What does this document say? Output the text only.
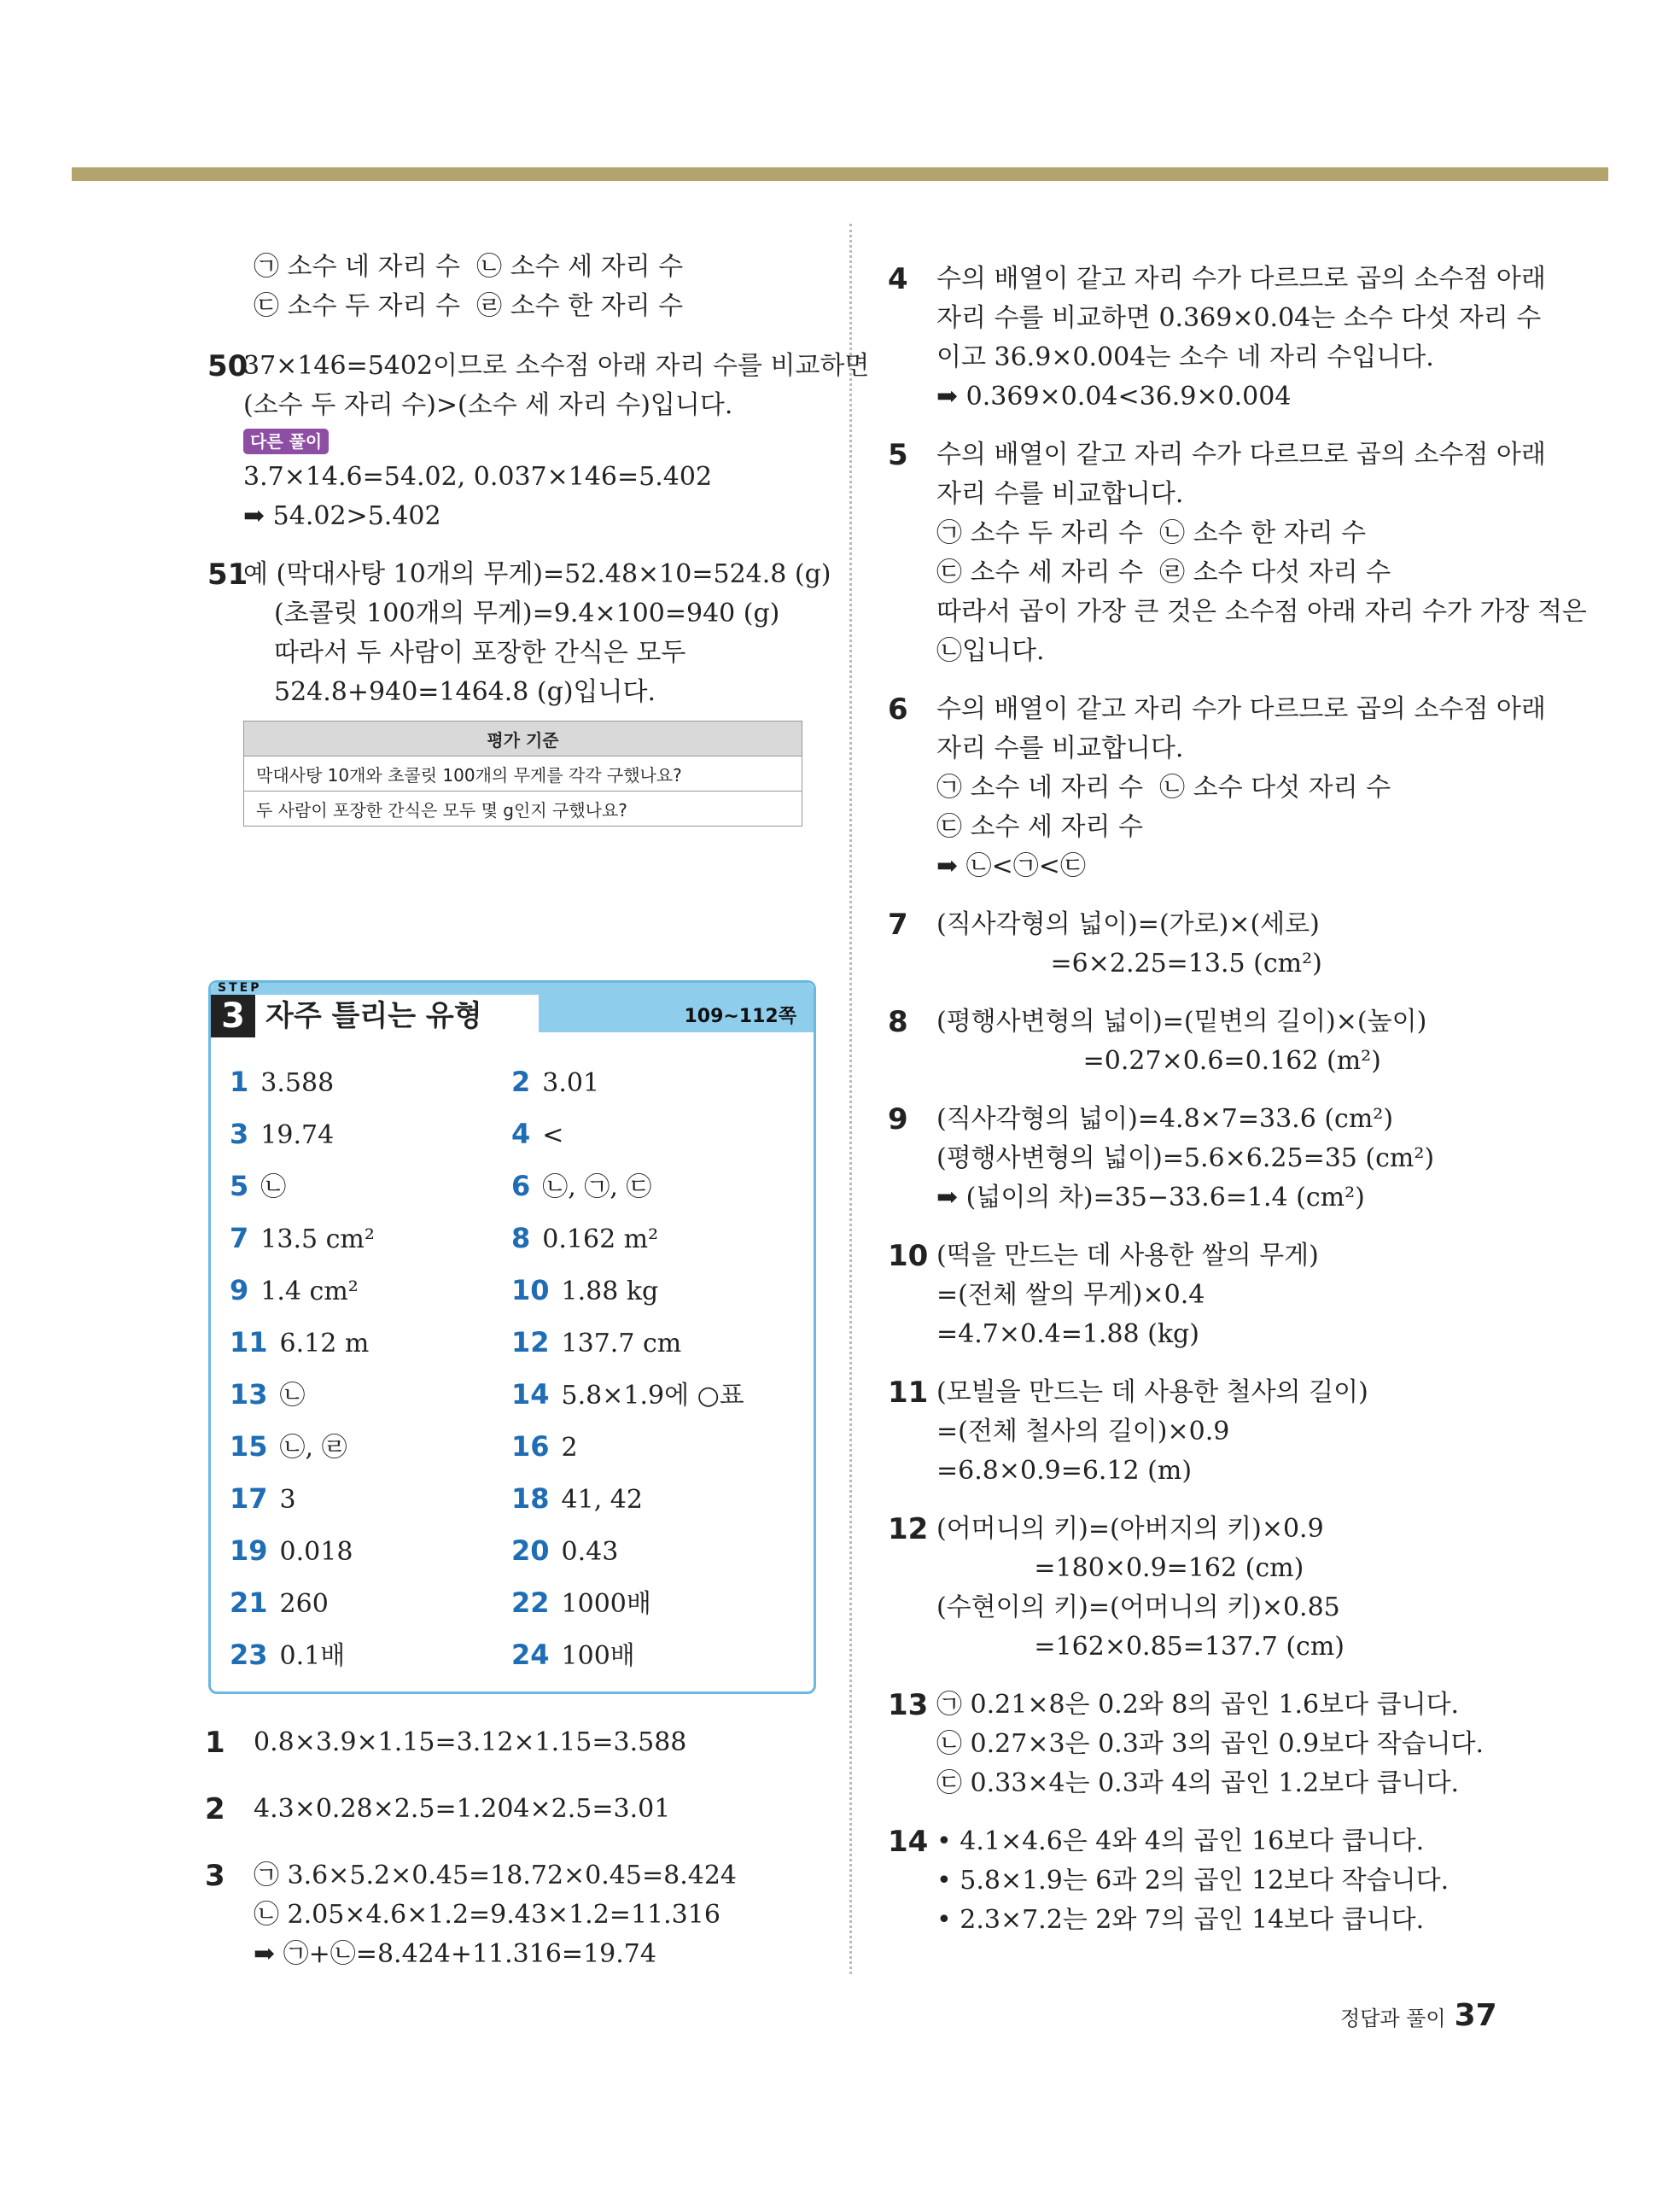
㉠ 소수 네 자리 수  ㉡ 소수 세 자리 수
㉢ 소수 두 자리 수  ㉣ 소수 한 자리 수
50
37×146=5402이므로 소수점 아래 자리 수를 비교하면
(소수 두 자리 수)>(소수 세 자리 수)입니다.
다른 풀이
3.7×14.6=54.02, 0.037×146=5.402
➡ 54.02>5.402
51
예 (막대사탕 10개의 무게)=52.48×10=524.8 (g)
(초콜릿 100개의 무게)=9.4×100=940 (g)
따라서 두 사람이 포장한 간식은 모두
524.8+940=1464.8 (g)입니다.
평가 기준
막대사탕 10개와 초콜릿 100개의 무게를 각각 구했나요?
두 사람이 포장한 간식은 모두 몇 g인지 구했나요?
STEP
3 자주 틀리는 유형	109~112쪽
1 3.588	2 3.01
3 19.74	4 <
5 ㉡	6 ㉡, ㉠, ㉢
7 13.5 cm²	8 0.162 m²
9 1.4 cm²	10 1.88 kg
11 6.12 m	12 137.7 cm
13 ㉡	14 5.8×1.9에 ○표
15 ㉡, ㉣	16 2
17 3	18 41, 42
19 0.018	20 0.43
21 260	22 1000배
23 0.1배	24 100배
1 0.8×3.9×1.15=3.12×1.15=3.588
2 4.3×0.28×2.5=1.204×2.5=3.01
3 ㉠ 3.6×5.2×0.45=18.72×0.45=8.424
㉡ 2.05×4.6×1.2=9.43×1.2=11.316
➡ ㉠+㉡=8.424+11.316=19.74
4 수의 배열이 같고 자리 수가 다르므로 곱의 소수점 아래
자리 수를 비교하면 0.369×0.04는 소수 다섯 자리 수
이고 36.9×0.004는 소수 네 자리 수입니다.
➡ 0.369×0.04<36.9×0.004
5 수의 배열이 같고 자리 수가 다르므로 곱의 소수점 아래
자리 수를 비교합니다.
㉠ 소수 두 자리 수  ㉡ 소수 한 자리 수
㉢ 소수 세 자리 수  ㉣ 소수 다섯 자리 수
따라서 곱이 가장 큰 것은 소수점 아래 자리 수가 가장 적은
㉡입니다.
6 수의 배열이 같고 자리 수가 다르므로 곱의 소수점 아래
자리 수를 비교합니다.
㉠ 소수 네 자리 수  ㉡ 소수 다섯 자리 수
㉢ 소수 세 자리 수
➡ ㉡<㉠<㉢
7 (직사각형의 넓이)=(가로)×(세로)
=6×2.25=13.5 (cm²)
8 (평행사변형의 넓이)=(밑변의 길이)×(높이)
=0.27×0.6=0.162 (m²)
9 (직사각형의 넓이)=4.8×7=33.6 (cm²)
(평행사변형의 넓이)=5.6×6.25=35 (cm²)
➡ (넓이의 차)=35−33.6=1.4 (cm²)
10 (떡을 만드는 데 사용한 쌀의 무게)
=(전체 쌀의 무게)×0.4
=4.7×0.4=1.88 (kg)
11 (모빌을 만드는 데 사용한 철사의 길이)
=(전체 철사의 길이)×0.9
=6.8×0.9=6.12 (m)
12 (어머니의 키)=(아버지의 키)×0.9
=180×0.9=162 (cm)
(수현이의 키)=(어머니의 키)×0.85
=162×0.85=137.7 (cm)
13 ㉠ 0.21×8은 0.2와 8의 곱인 1.6보다 큽니다.
㉡ 0.27×3은 0.3과 3의 곱인 0.9보다 작습니다.
㉢ 0.33×4는 0.3과 4의 곱인 1.2보다 큽니다.
14 • 4.1×4.6은 4와 4의 곱인 16보다 큽니다.
• 5.8×1.9는 6과 2의 곱인 12보다 작습니다.
• 2.3×7.2는 2와 7의 곱인 14보다 큽니다.
정답과 풀이 37
